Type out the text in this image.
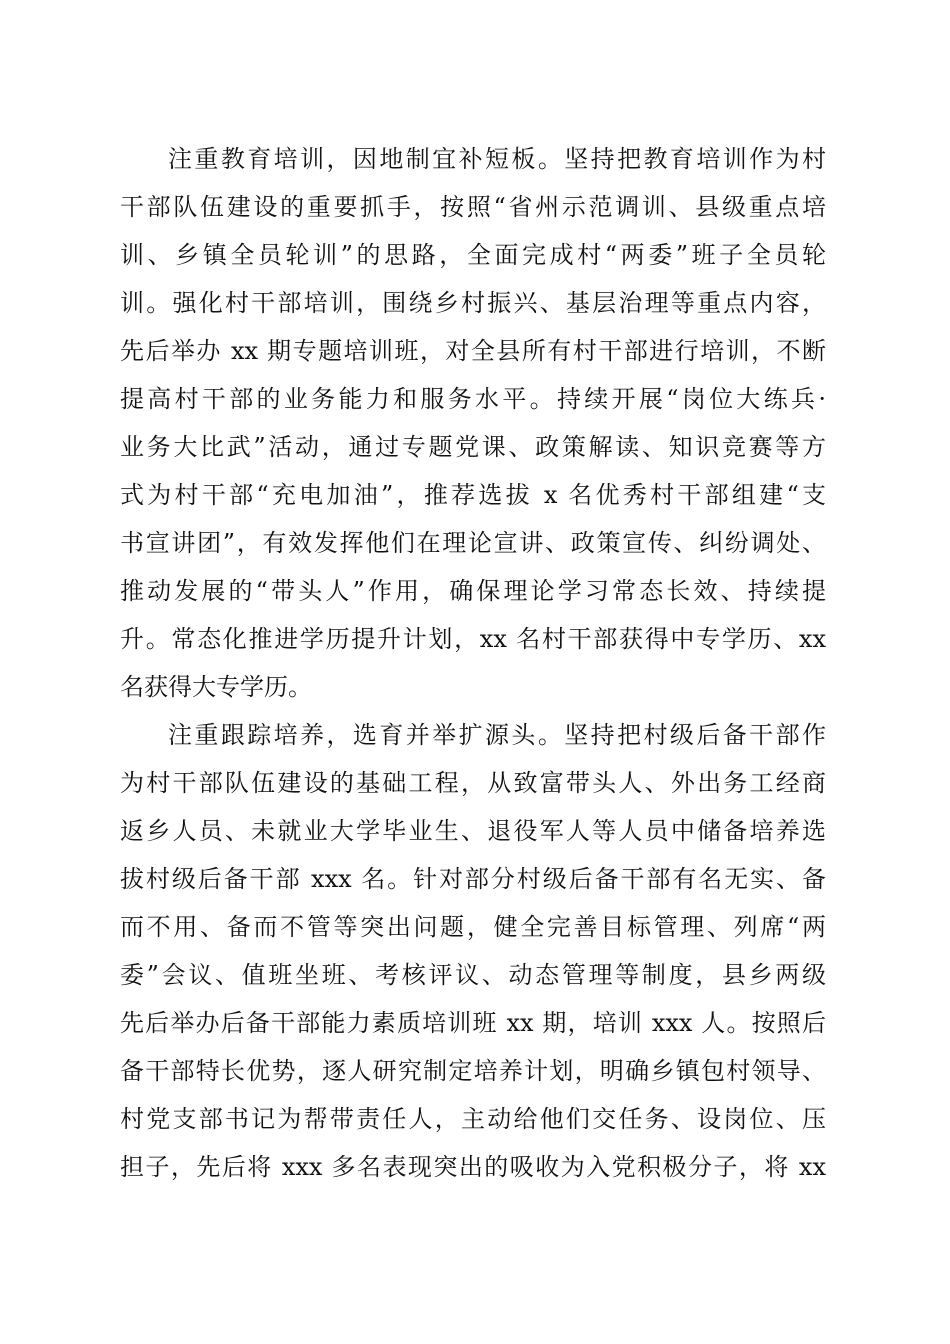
注重教育培训，因地制宜补短板。坚持把教育培训作为村
干部队伍建设的重要抓手，按照“省州示范调训、县级重点培
训、乡镇全员轮训”的思路，全面完成村“两委”班子全员轮
训。强化村干部培训，围绕乡村振兴、基层治理等重点内容，
先后举办 xx 期专题培训班，对全县所有村干部进行培训，不断
提高村干部的业务能力和服务水平。持续开展“岗位大练兵·
业务大比武”活动，通过专题党课、政策解读、知识竞赛等方
式为村干部“充电加油”，推荐选拔 x 名优秀村干部组建“支
书宣讲团”，有效发挥他们在理论宣讲、政策宣传、纠纷调处、
推动发展的“带头人”作用，确保理论学习常态长效、持续提
升。常态化推进学历提升计划，xx 名村干部获得中专学历、xx
名获得大专学历。
注重跟踪培养，选育并举扩源头。坚持把村级后备干部作
为村干部队伍建设的基础工程，从致富带头人、外出务工经商
返乡人员、未就业大学毕业生、退役军人等人员中储备培养选
拔村级后备干部 xxx 名。针对部分村级后备干部有名无实、备
而不用、备而不管等突出问题，健全完善目标管理、列席“两
委”会议、值班坐班、考核评议、动态管理等制度，县乡两级
先后举办后备干部能力素质培训班 xx 期，培训 xxx 人。按照后
备干部特长优势，逐人研究制定培养计划，明确乡镇包村领导、
村党支部书记为帮带责任人，主动给他们交任务、设岗位、压
担子，先后将 xxx 多名表现突出的吸收为入党积极分子，将 xx
